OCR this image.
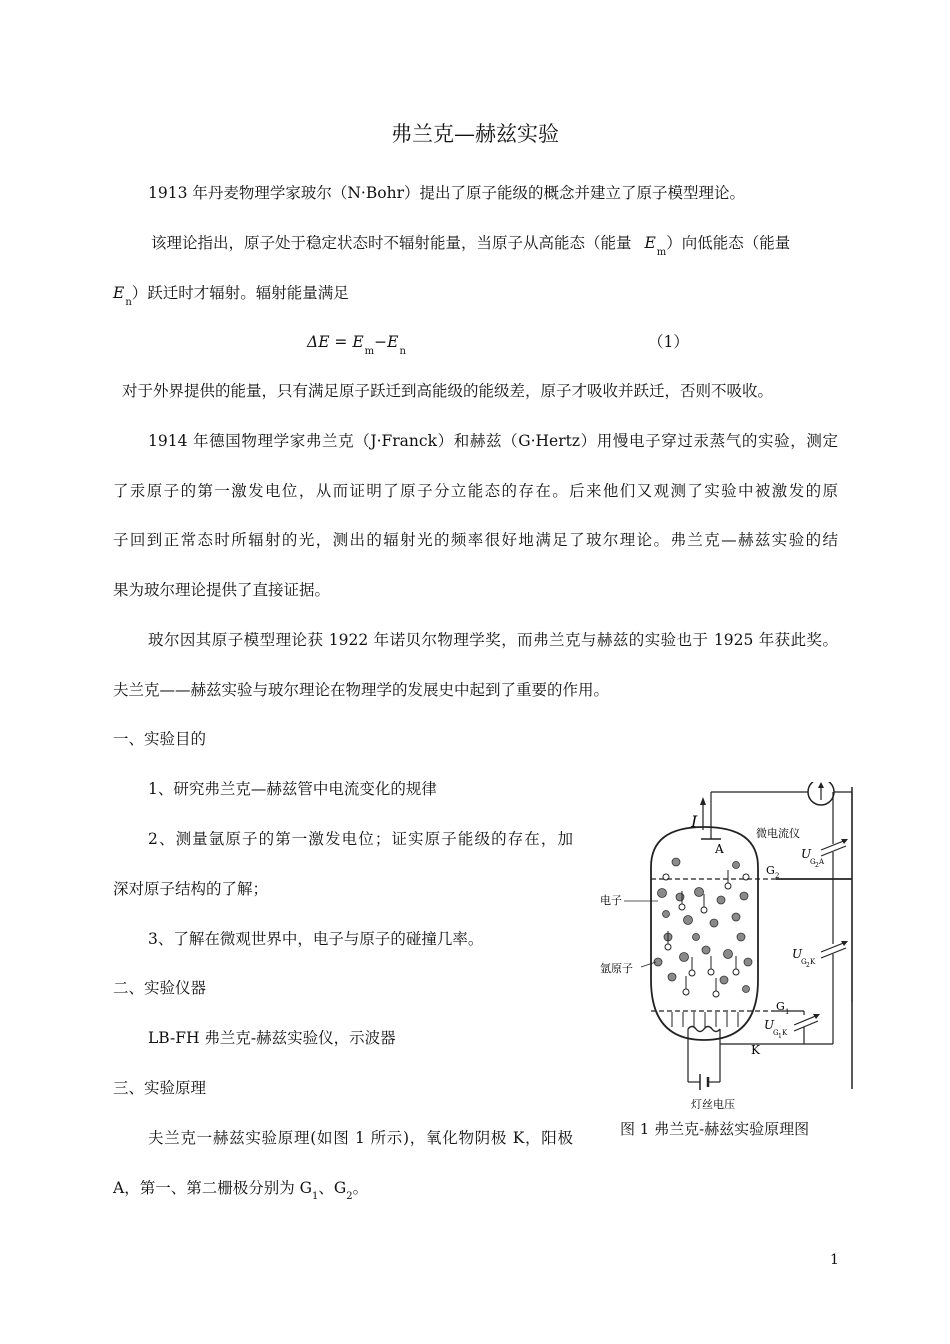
弗兰克—赫兹实验
1913 年丹麦物理学家玻尔（N·Bohr）提出了原子能级的概念并建立了原子模型理论。
该理论指出，原子处于稳定状态时不辐射能量，当原子从高能态（能量 $E_m$）向低能态（能量
$E_n$）跃迁时才辐射。辐射能量满足
$\Delta E = E_m-E_n$
（1）
对于外界提供的能量，只有满足原子跃迁到高能级的能级差，原子才吸收并跃迁，否则不吸收。
1914 年德国物理学家弗兰克（J·Franck）和赫兹（G·Hertz）用慢电子穿过汞蒸气的实验，测定
了汞原子的第一激发电位，从而证明了原子分立能态的存在。后来他们又观测了实验中被激发的原
子回到正常态时所辐射的光，测出的辐射光的频率很好地满足了玻尔理论。弗兰克—赫兹实验的结
果为玻尔理论提供了直接证据。
玻尔因其原子模型理论获 1922 年诺贝尔物理学奖，而弗兰克与赫兹的实验也于 1925 年获此奖。
夫兰克——赫兹实验与玻尔理论在物理学的发展史中起到了重要的作用。
一、实验目的
1、研究弗兰克—赫兹管中电流变化的规律
2、测量氩原子的第一激发电位；证实原子能级的存在，加
深对原子结构的了解；
3、了解在微观世界中，电子与原子的碰撞几率。
二、实验仪器
LB-FH 弗兰克-赫兹实验仪，示波器
三、实验原理
夫兰克一赫兹实验原理(如图 1 所示)，氧化物阴极 K，阳极
A，第一、第二栅极分别为 $G_1$、$G_2$。
I
微电流仪
A
G 2
G 1
K
电子
氩原子
U
G 2 A
U
G 2 K
U
G 1 K
灯丝电压
图 1 弗兰克-赫兹实验原理图
1
